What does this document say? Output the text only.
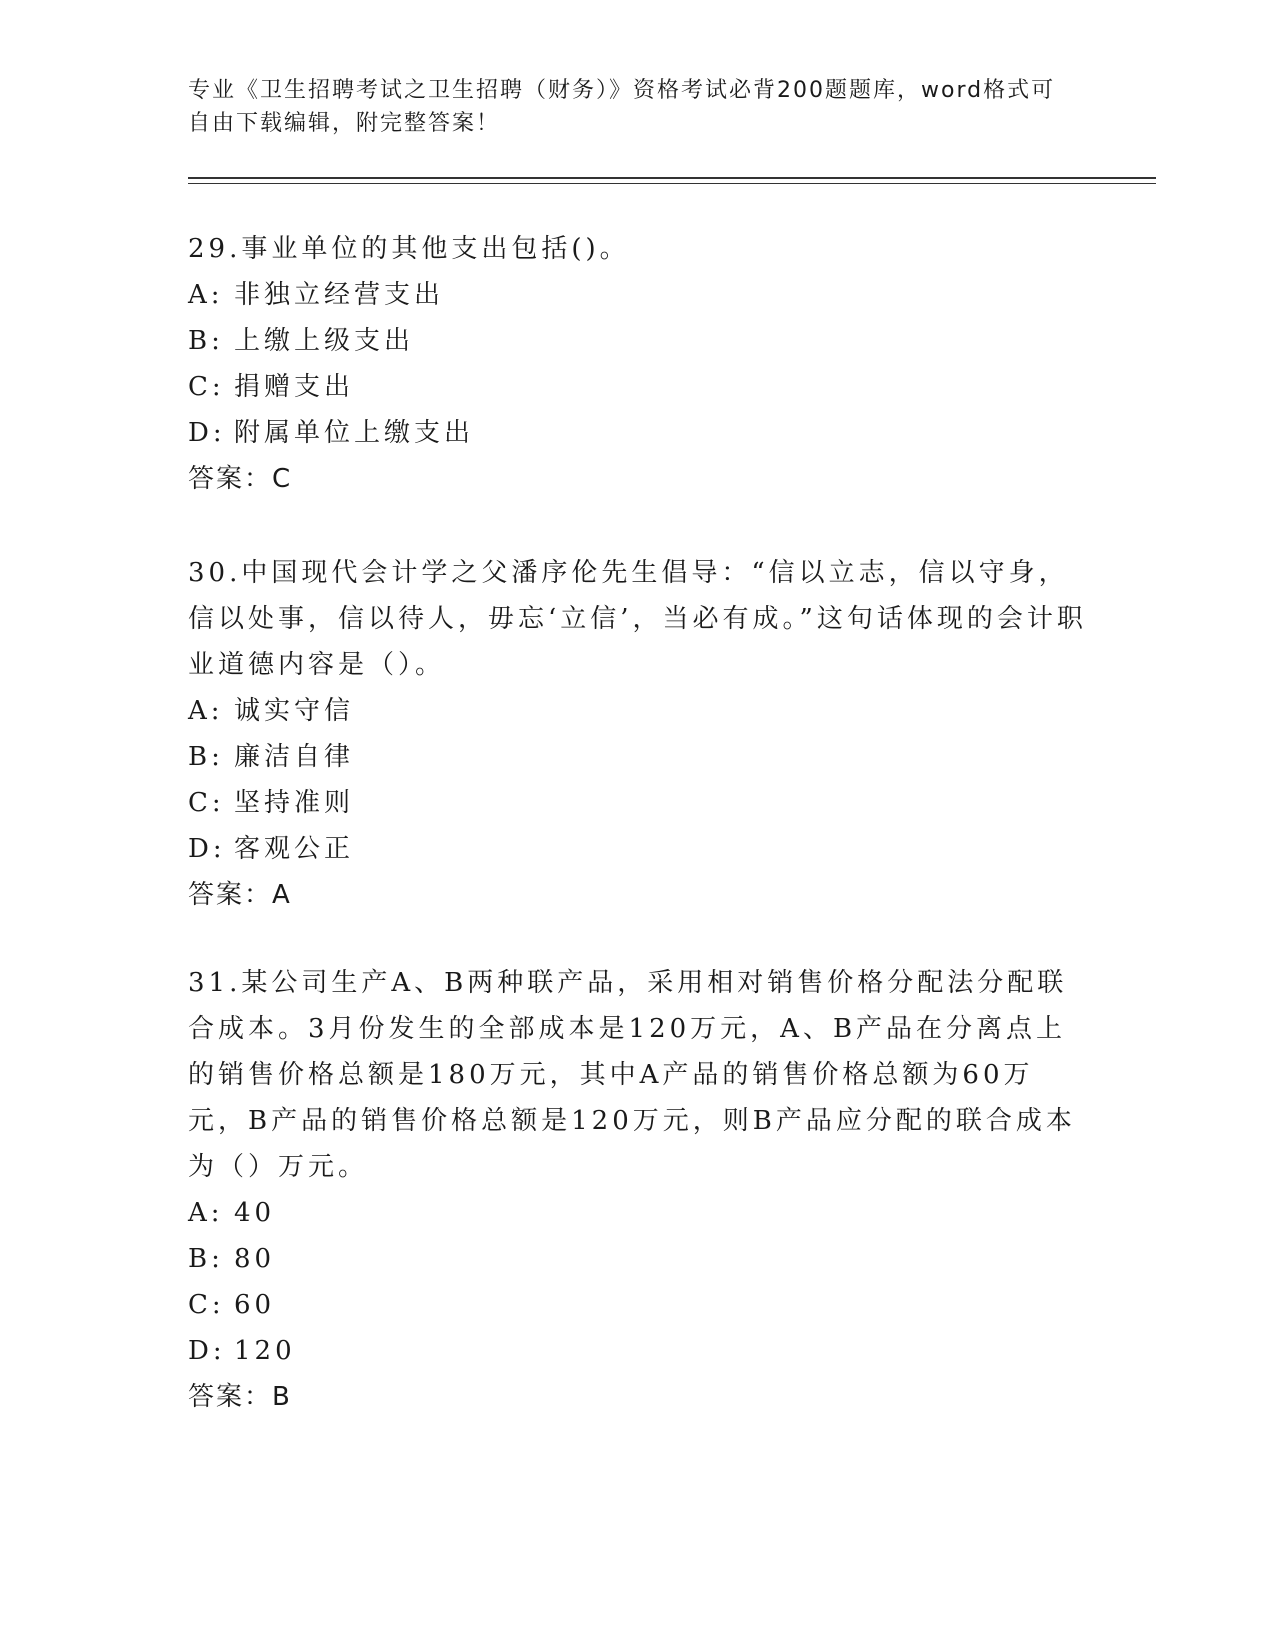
专业《卫生招聘考试之卫生招聘（财务）》资格考试必背200题题库，word格式可自由下载编辑，附完整答案！

29.事业单位的其他支出包括()。

A: 非独立经营支出
B: 上缴上级支出
C: 捐赠支出
D: 附属单位上缴支出
答案：C

30.中国现代会计学之父潘序伦先生倡导：“信以立志，信以守身，信以处事，信以待人，毋忘‘立信’，当必有成。”这句话体现的会计职业道德内容是（）。

A: 诚实守信
B: 廉洁自律
C: 坚持准则
D: 客观公正
答案：A

31.某公司生产A、B两种联产品，采用相对销售价格分配法分配联合成本。3月份发生的全部成本是120万元，A、B产品在分离点上的销售价格总额是180万元，其中A产品的销售价格总额为60万元，B产品的销售价格总额是120万元，则B产品应分配的联合成本为（）万元。

A: 40
B: 80
C: 60
D: 120
答案：B
